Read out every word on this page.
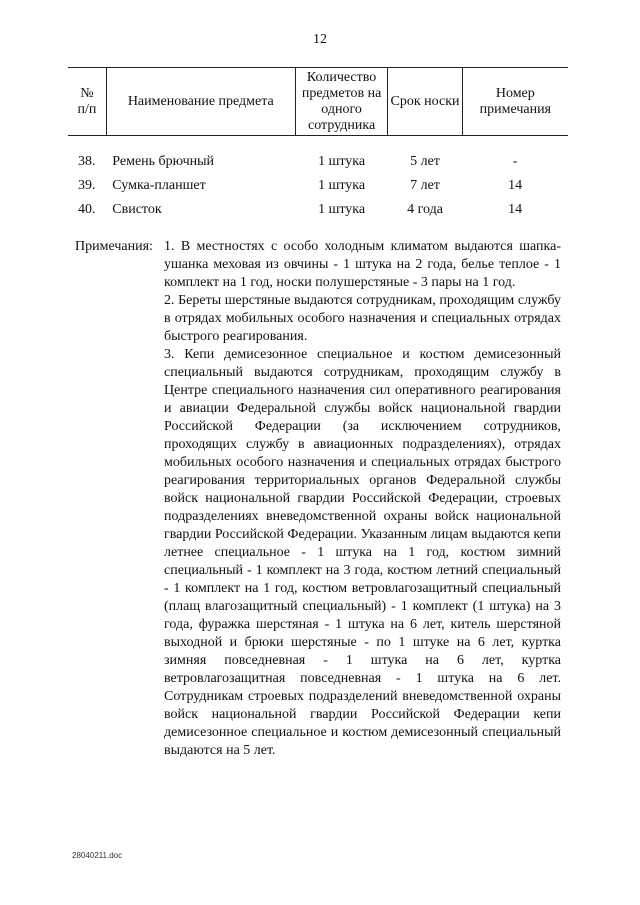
12
№
п/п	Наименование предмета	Количество предметов на одного сотрудника	Срок носки	Номер примечания

38.	Ремень брючный	1 штука	5 лет	-
39.	Сумка-планшет	1 штука	7 лет	14
40.	Свисток	1 штука	4 года	14
Примечания: 1. В местностях с особо холодным климатом выдаются шапка-ушанка меховая из овчины - 1 штука на 2 года, белье теплое - 1 комплект на 1 год, носки полушерстяные - 3 пары на 1 год.

2. Береты шерстяные выдаются сотрудникам, проходящим службу в отрядах мобильных особого назначения и специальных отрядах быстрого реагирования.

3. Кепи демисезонное специальное и костюм демисезонный специальный выдаются сотрудникам, проходящим службу в Центре специального назначения сил оперативного реагирования и авиации Федеральной службы войск национальной гвардии Российской Федерации (за исключением сотрудников, проходящих службу в авиационных подразделениях), отрядах мобильных особого назначения и специальных отрядах быстрого реагирования территориальных органов Федеральной службы войск национальной гвардии Российской Федерации, строевых подразделениях вневедомственной охраны войск национальной гвардии Российской Федерации. Указанным лицам выдаются кепи летнее специальное - 1 штука на 1 год, костюм зимний специальный - 1 комплект на 3 года, костюм летний специальный - 1 комплект на 1 год, костюм ветровлагозащитный специальный (плащ влагозащитный специальный) - 1 комплект (1 штука) на 3 года, фуражка шерстяная - 1 штука на 6 лет, китель шерстяной выходной и брюки шерстяные - по 1 штуке на 6 лет, куртка зимняя повседневная - 1 штука на 6 лет, куртка ветровлагозащитная повседневная - 1 штука на 6 лет. Сотрудникам строевых подразделений вневедомственной охраны войск национальной гвардии Российской Федерации кепи демисезонное специальное и костюм демисезонный специальный выдаются на 5 лет.

28040211.doc
